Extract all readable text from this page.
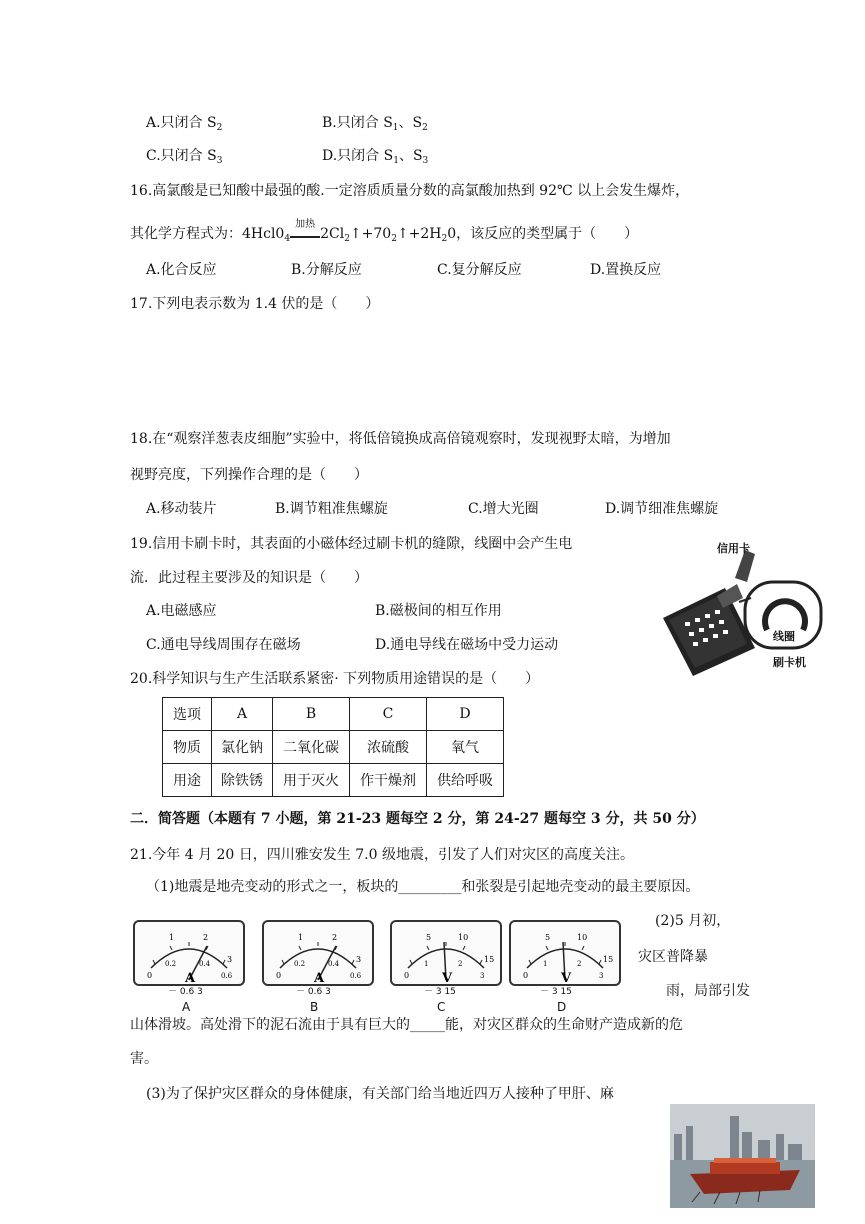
A.只闭合 $S_2$	B.只闭合 $S_1$、$S_2$
C.只闭合 $S_3$	D.只闭合 $S_1$、$S_3$
16.高氯酸是已知酸中最强的酸.一定溶质质量分数的高氯酸加热到 92℃ 以上会发生爆炸，
其化学方程式为：$4Hcl0_4$
加热
$2Cl_2↑+70_2↑+2H_20$，该反应的类型属于（　　）
A.化合反应	B.分解反应	C.复分解反应	D.置换反应
17.下列电表示数为 1.4 伏的是（　　）
18.在“观察洋葱表皮细胞”实验中，将低倍镜换成高倍镜观察时，发现视野太暗，为增加
视野亮度，下列操作合理的是（　　）
A.移动装片	B.调节粗准焦螺旋	C.增大光圈	D.调节细准焦螺旋
19.信用卡刷卡时，其表面的小磁体经过刷卡机的缝隙，线圈中会产生电
流．此过程主要涉及的知识是（　　）
A.电磁感应	B.磁极间的相互作用
C.通电导线周围存在磁场	D.通电导线在磁场中受力运动
信用卡
线圈
刷卡机
20.科学知识与生产生活联系紧密· 下列物质用途错误的是（　　）
选项	A	B	C	D
物质	氯化钠	二氧化碳	浓硫酸	氧气
用途	除铁锈	用于灭火	作干燥剂	供给呼吸
二．简答题（本题有 7 小题，第 21-23 题每空 2 分，第 24-27 题每空 3 分，共 50 分）
21.今年 4 月 20 日，四川雅安发生 7.0 级地震，引发了人们对灾区的高度关注。
（1)地震是地壳变动的形式之一，板块的_________和张裂是引起地壳变动的最主要原因。
0
1	2
3
0.2	0.4
0.6
A	0
1	2
3
0.2	0.4
0.6
A	0
5	10
15
1	2
3
V	0
5	10
15
1	2
3
V
－ 0.6 3	－ 0.6 3	－ 3 15	－ 3 15
A	B	C	D
(2)5 月初，
灾区普降暴
雨，局部引发
山体滑坡。高处滑下的泥石流由于具有巨大的_____能，对灾区群众的生命财产造成新的危
害。
(3)为了保护灾区群众的身体健康，有关部门给当地近四万人接种了甲肝、麻
